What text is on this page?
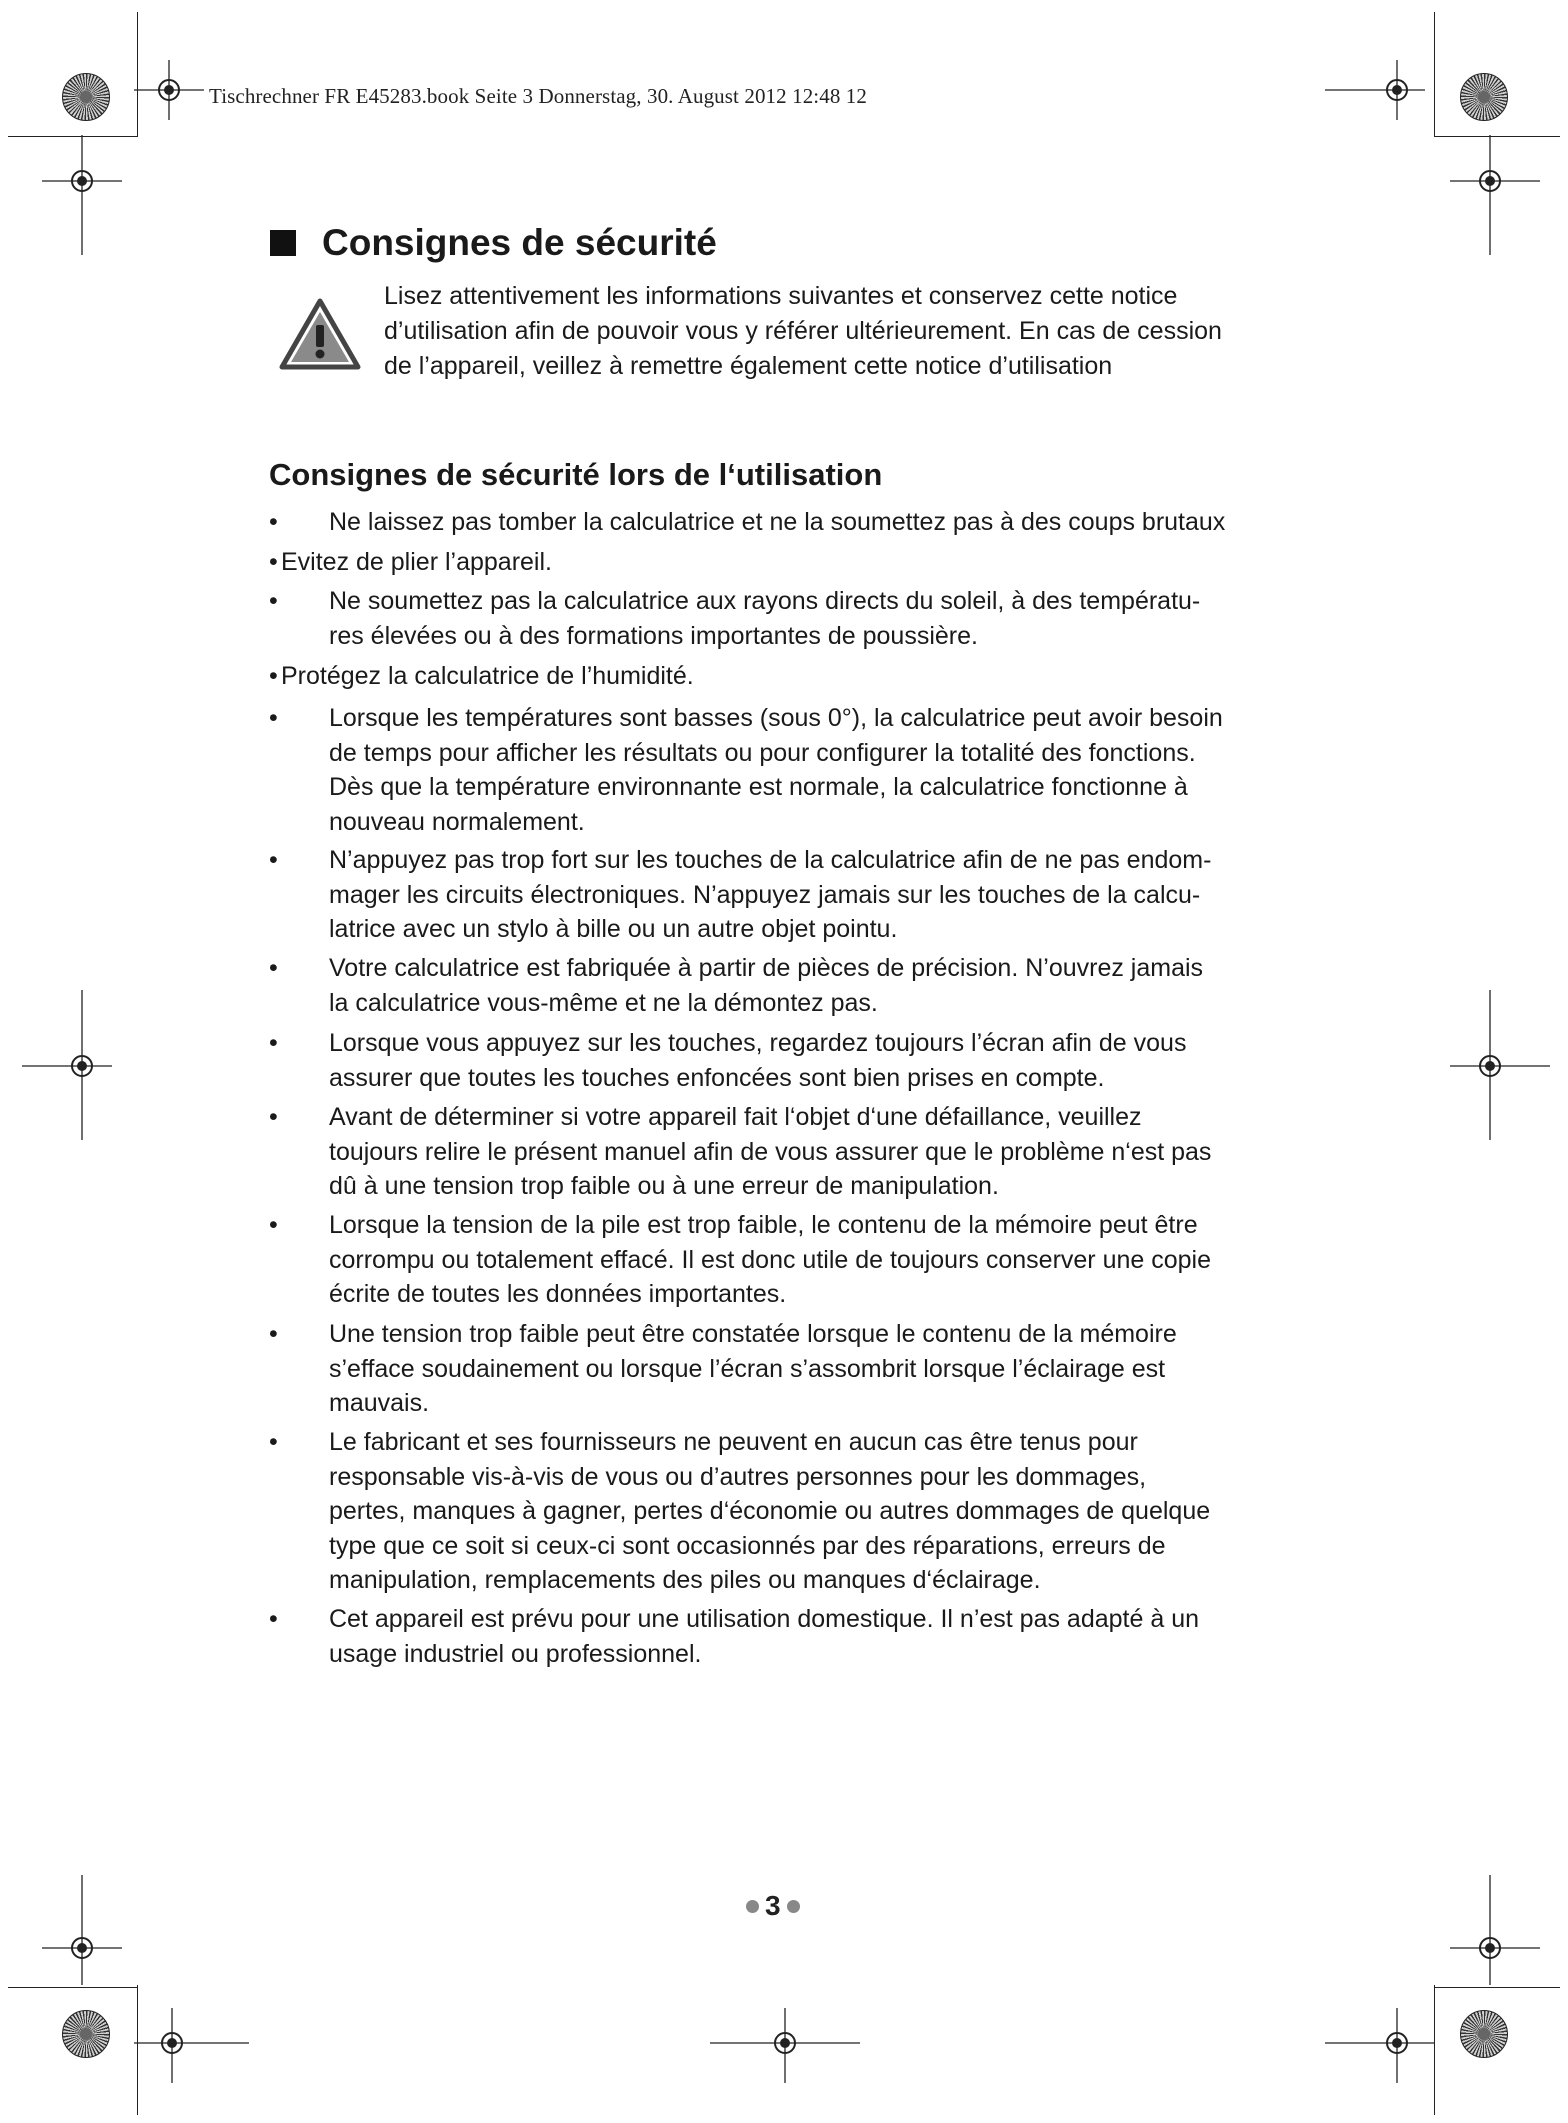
Tischrechner FR E45283.book Seite 3 Donnerstag, 30. August 2012 12:48 12
Consignes de sécurité
Lisez attentivement les informations suivantes et conservez cette notice
d’utilisation afin de pouvoir vous y référer ultérieurement. En cas de cession
de l’appareil, veillez à remettre également cette notice d’utilisation
Consignes de sécurité lors de l‘utilisation
• Ne laissez pas tomber la calculatrice et ne la soumettez pas à des coups brutaux
• Evitez de plier l’appareil.
• Ne soumettez pas la calculatrice aux rayons directs du soleil, à des températu-
res élevées ou à des formations importantes de poussière.
• Protégez la calculatrice de l’humidité.
• Lorsque les températures sont basses (sous 0°), la calculatrice peut avoir besoin
de temps pour afficher les résultats ou pour configurer la totalité des fonctions.
Dès que la température environnante est normale, la calculatrice fonctionne à
nouveau normalement.
• N’appuyez pas trop fort sur les touches de la calculatrice afin de ne pas endom-
mager les circuits électroniques. N’appuyez jamais sur les touches de la calcu-
latrice avec un stylo à bille ou un autre objet pointu.
• Votre calculatrice est fabriquée à partir de pièces de précision. N’ouvrez jamais
la calculatrice vous-même et ne la démontez pas.
• Lorsque vous appuyez sur les touches, regardez toujours l’écran afin de vous
assurer que toutes les touches enfoncées sont bien prises en compte.
• Avant de déterminer si votre appareil fait l‘objet d‘une défaillance, veuillez
toujours relire le présent manuel afin de vous assurer que le problème n‘est pas
dû à une tension trop faible ou à une erreur de manipulation.
• Lorsque la tension de la pile est trop faible, le contenu de la mémoire peut être
corrompu ou totalement effacé. Il est donc utile de toujours conserver une copie
écrite de toutes les données importantes.
• Une tension trop faible peut être constatée lorsque le contenu de la mémoire
s’efface soudainement ou lorsque l’écran s’assombrit lorsque l’éclairage est
mauvais.
• Le fabricant et ses fournisseurs ne peuvent en aucun cas être tenus pour
responsable vis-à-vis de vous ou d’autres personnes pour les dommages,
pertes, manques à gagner, pertes d‘économie ou autres dommages de quelque
type que ce soit si ceux-ci sont occasionnés par des réparations, erreurs de
manipulation, remplacements des piles ou manques d‘éclairage.
• Cet appareil est prévu pour une utilisation domestique. Il n’est pas adapté à un
usage industriel ou professionnel.
3
